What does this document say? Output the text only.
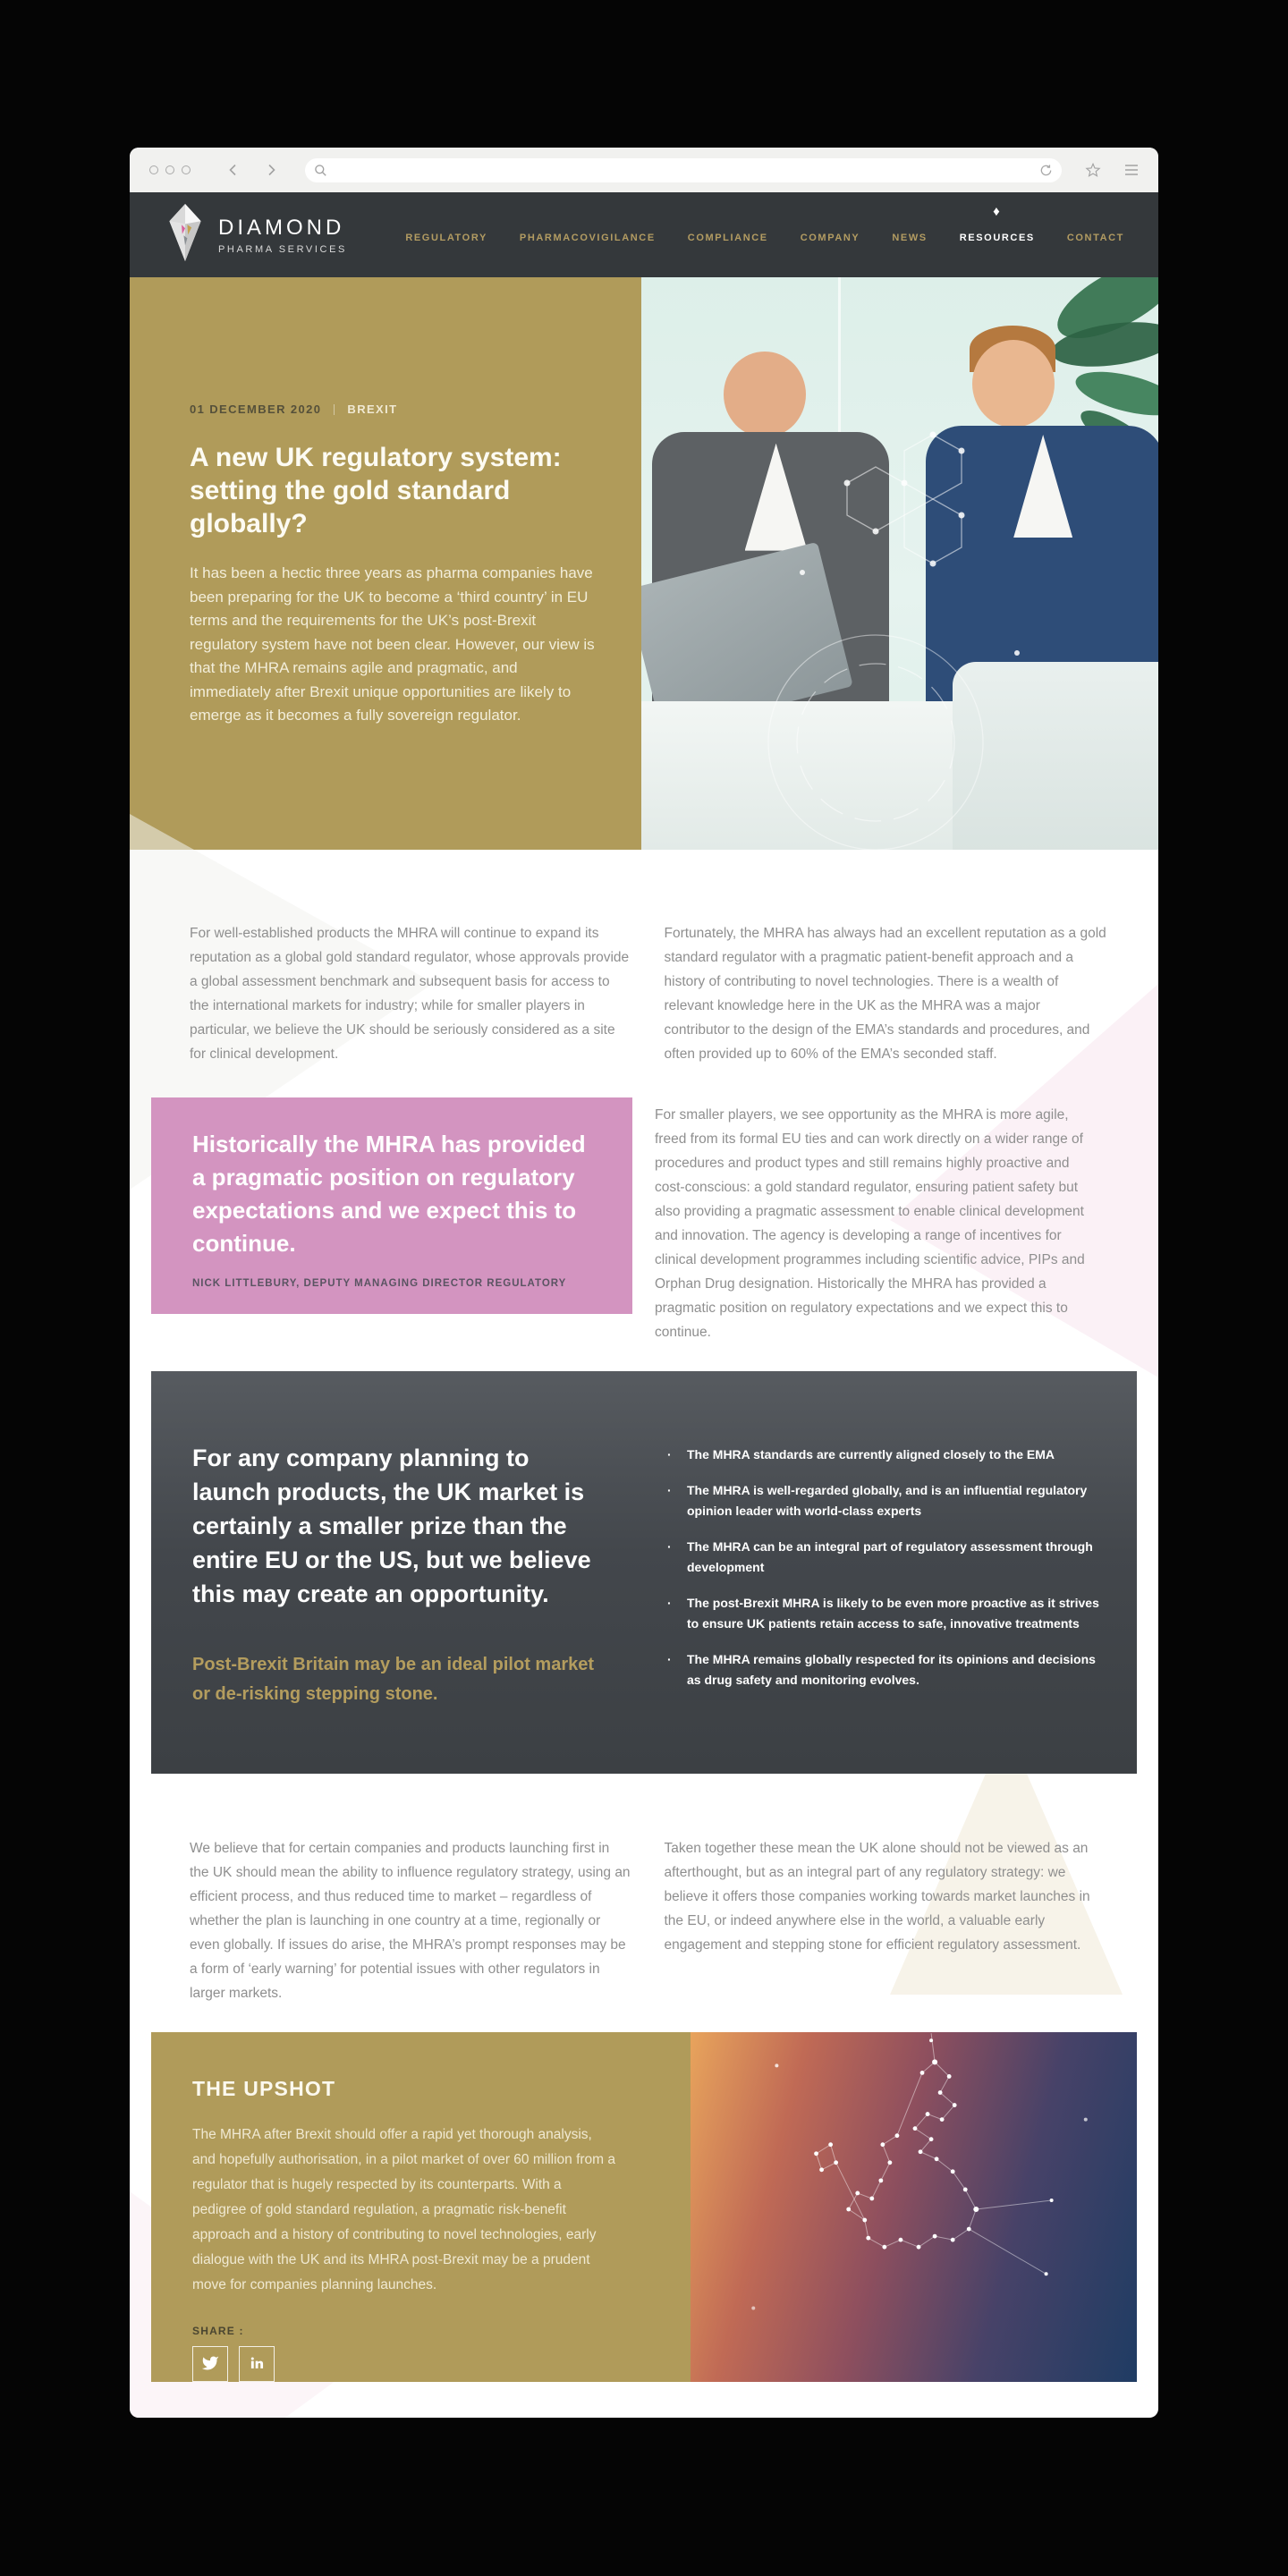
DIAMOND
PHARMA SERVICES
REGULATORY	PHARMACOVIGILANCE	COMPLIANCE	COMPANY	NEWS	RESOURCES	CONTACT
01 DECEMBER 2020 BREXIT
A new UK regulatory system:
setting the gold standard globally?

It has been a hectic three years as pharma companies have been preparing for the UK to become a ‘third country’ in EU terms and the requirements for the UK’s post-Brexit regulatory system have not been clear. However, our view is that the MHRA remains agile and pragmatic, and immediately after Brexit unique opportunities are likely to emerge as it becomes a fully sovereign regulator.

For well-established products the MHRA will continue to expand its reputation as a global gold standard regulator, whose approvals provide a global assessment benchmark and subsequent basis for access to the international markets for industry; while for smaller players in particular, we believe the UK should be seriously considered as a site for clinical development.

Fortunately, the MHRA has always had an excellent reputation as a gold standard regulator with a pragmatic patient-benefit approach and a history of contributing to novel technologies. There is a wealth of relevant knowledge here in the UK as the MHRA was a major contributor to the design of the EMA’s standards and procedures, and often provided up to 60% of the EMA’s seconded staff.

Historically the MHRA has provided a pragmatic position on regulatory expectations and we expect this to continue.

NICK LITTLEBURY, DEPUTY MANAGING DIRECTOR REGULATORY

For smaller players, we see opportunity as the MHRA is more agile, freed from its formal EU ties and can work directly on a wider range of procedures and product types and still remains highly proactive and cost-conscious: a gold standard regulator, ensuring patient safety but also providing a pragmatic assessment to enable clinical development and innovation. The agency is developing a range of incentives for clinical development programmes including scientific advice, PIPs and Orphan Drug designation. Historically the MHRA has provided a pragmatic position on regulatory expectations and we expect this to continue.

For any company planning to launch products, the UK market is certainly a smaller prize than the entire EU or the US, but we believe this may create an opportunity.

Post-Brexit Britain may be an ideal pilot market or de-risking stepping stone.

· The MHRA standards are currently aligned closely to the EMA
· The MHRA is well-regarded globally, and is an influential regulatory opinion leader with world-class experts
· The MHRA can be an integral part of regulatory assessment through development
· The post-Brexit MHRA is likely to be even more proactive as it strives to ensure UK patients retain access to safe, innovative treatments
· The MHRA remains globally respected for its opinions and decisions as drug safety and monitoring evolves.

We believe that for certain companies and products launching first in the UK should mean the ability to influence regulatory strategy, using an efficient process, and thus reduced time to market – regardless of whether the plan is launching in one country at a time, regionally or even globally. If issues do arise, the MHRA’s prompt responses may be a form of ‘early warning’ for potential issues with other regulators in larger markets.

Taken together these mean the UK alone should not be viewed as an afterthought, but as an integral part of any regulatory strategy: we believe it offers those companies working towards market launches in the EU, or indeed anywhere else in the world, a valuable early engagement and stepping stone for efficient regulatory assessment.

THE UPSHOT

The MHRA after Brexit should offer a rapid yet thorough analysis, and hopefully authorisation, in a pilot market of over 60 million from a regulator that is hugely respected by its counterparts. With a pedigree of gold standard regulation, a pragmatic risk-benefit approach and a history of contributing to novel technologies, early dialogue with the UK and its MHRA post-Brexit may be a prudent move for companies planning launches.

SHARE :
